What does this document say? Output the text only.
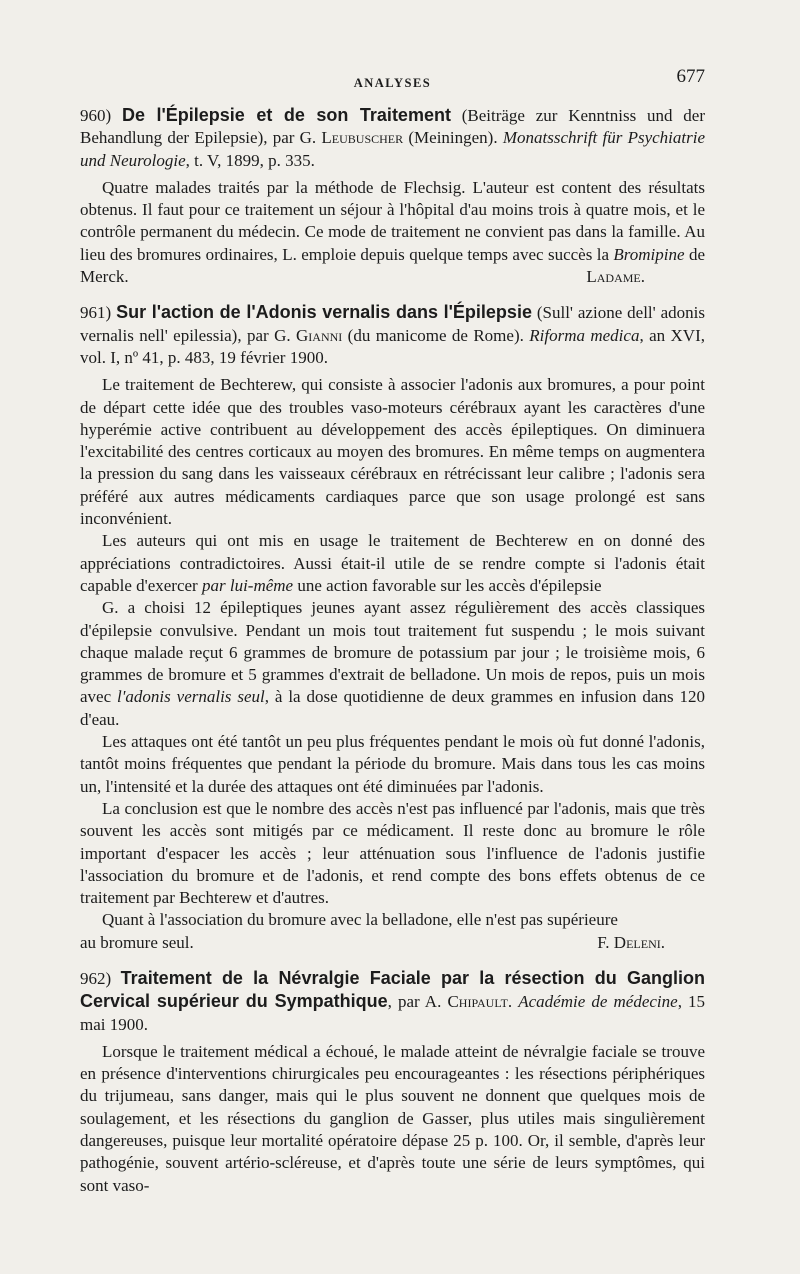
ANALYSES	677

960) De l'Épilepsie et de son Traitement (Beiträge zur Kenntniss und der Behandlung der Epilepsie), par G. Leubuscher (Meiningen). Monatsschrift für Psychiatrie und Neurologie, t. V, 1899, p. 335.

Quatre malades traités par la méthode de Flechsig. L'auteur est content des résultats obtenus. Il faut pour ce traitement un séjour à l'hôpital d'au moins trois à quatre mois, et le contrôle permanent du médecin. Ce mode de traitement ne convient pas dans la famille. Au lieu des bromures ordinaires, L. emploie depuis quelque temps avec succès la Bromipine de Merck.	Ladame.

961) Sur l'action de l'Adonis vernalis dans l'Épilepsie (Sull' azione dell' adonis vernalis nell' epilessia), par G. Gianni (du manicome de Rome). Riforma medica, an XVI, vol. I, nº 41, p. 483, 19 février 1900.

Le traitement de Bechterew, qui consiste à associer l'adonis aux bromures, a pour point de départ cette idée que des troubles vaso-moteurs cérébraux ayant les caractères d'une hyperémie active contribuent au développement des accès épileptiques. On diminuera l'excitabilité des centres corticaux au moyen des bromures. En même temps on augmentera la pression du sang dans les vaisseaux cérébraux en rétrécissant leur calibre ; l'adonis sera préféré aux autres médicaments cardiaques parce que son usage prolongé est sans inconvénient.

Les auteurs qui ont mis en usage le traitement de Bechterew en on donné des appréciations contradictoires. Aussi était-il utile de se rendre compte si l'adonis était capable d'exercer par lui-même une action favorable sur les accès d'épilepsie

G. a choisi 12 épileptiques jeunes ayant assez régulièrement des accès classiques d'épilepsie convulsive. Pendant un mois tout traitement fut suspendu ; le mois suivant chaque malade reçut 6 grammes de bromure de potassium par jour ; le troisième mois, 6 grammes de bromure et 5 grammes d'extrait de belladone. Un mois de repos, puis un mois avec l'adonis vernalis seul, à la dose quotidienne de deux grammes en infusion dans 120 d'eau.

Les attaques ont été tantôt un peu plus fréquentes pendant le mois où fut donné l'adonis, tantôt moins fréquentes que pendant la période du bromure. Mais dans tous les cas moins un, l'intensité et la durée des attaques ont été diminuées par l'adonis.

La conclusion est que le nombre des accès n'est pas influencé par l'adonis, mais que très souvent les accès sont mitigés par ce médicament. Il reste donc au bromure le rôle important d'espacer les accès ; leur atténuation sous l'influence de l'adonis justifie l'association du bromure et de l'adonis, et rend compte des bons effets obtenus de ce traitement par Bechterew et d'autres.

Quant à l'association du bromure avec la belladone, elle n'est pas supérieure
au bromure seul.	F. Deleni.

962) Traitement de la Névralgie Faciale par la résection du Ganglion Cervical supérieur du Sympathique, par A. Chipault. Académie de médecine, 15 mai 1900.

Lorsque le traitement médical a échoué, le malade atteint de névralgie faciale se trouve en présence d'interventions chirurgicales peu encourageantes : les résections périphériques du trijumeau, sans danger, mais qui le plus souvent ne donnent que quelques mois de soulagement, et les résections du ganglion de Gasser, plus utiles mais singulièrement dangereuses, puisque leur mortalité opératoire dépase 25 p. 100. Or, il semble, d'après leur pathogénie, souvent artério-scléreuse, et d'après toute une série de leurs symptômes, qui sont vaso-
